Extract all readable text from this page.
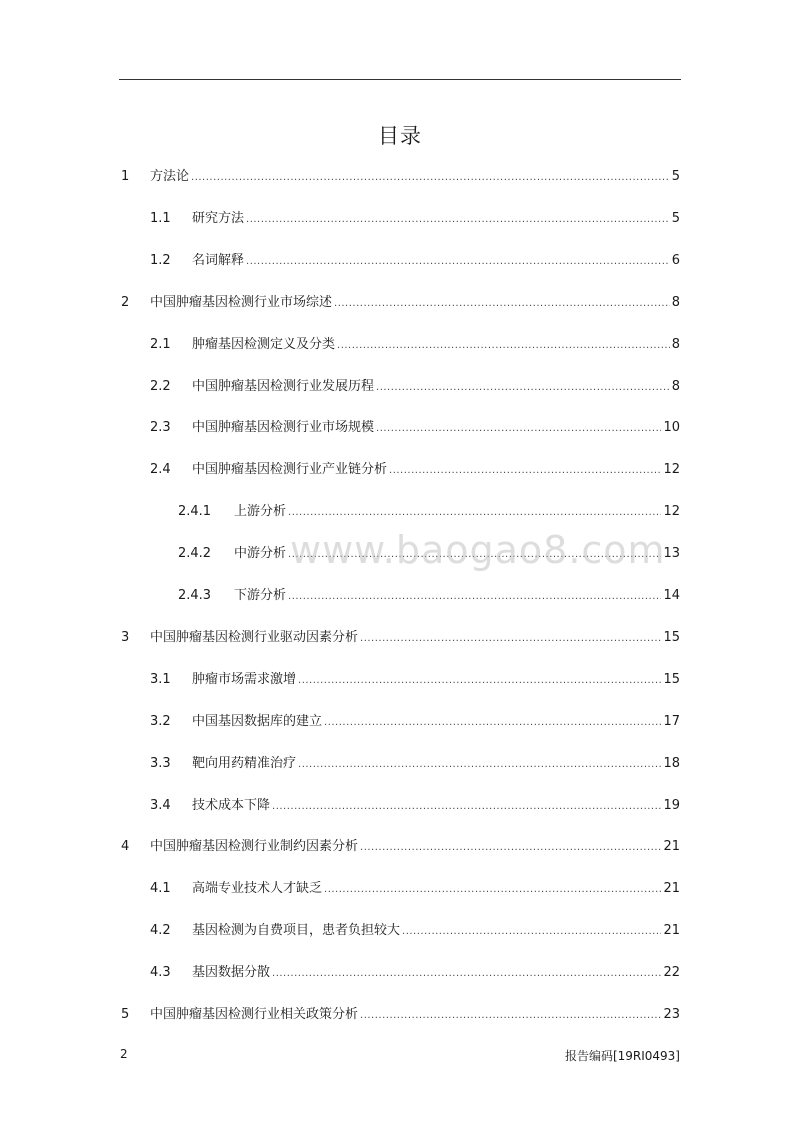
目录
1	方法论 .....	5
1.1	研究方法 .....	5
1.2	名词解释 .....	6
2	中国肿瘤基因检测行业市场综述 .....	8
2.1	肿瘤基因检测定义及分类 .....	8
2.2	中国肿瘤基因检测行业发展历程 .....	8
2.3	中国肿瘤基因检测行业市场规模 .....	10
2.4	中国肿瘤基因检测行业产业链分析 .....	12
2.4.1	上游分析 .....	12
2.4.2	中游分析 .....	13
2.4.3	下游分析 .....	14
3	中国肿瘤基因检测行业驱动因素分析 .....	15
3.1	肿瘤市场需求激增 .....	15
3.2	中国基因数据库的建立 .....	17
3.3	靶向用药精准治疗 .....	18
3.4	技术成本下降 .....	19
4	中国肿瘤基因检测行业制约因素分析 .....	21
4.1	高端专业技术人才缺乏 .....	21
4.2	基因检测为自费项目，患者负担较大 .....	21
4.3	基因数据分散 .....	22
5	中国肿瘤基因检测行业相关政策分析 .....	23
www.baogao8.com
2	报告编码[19RI0493]
